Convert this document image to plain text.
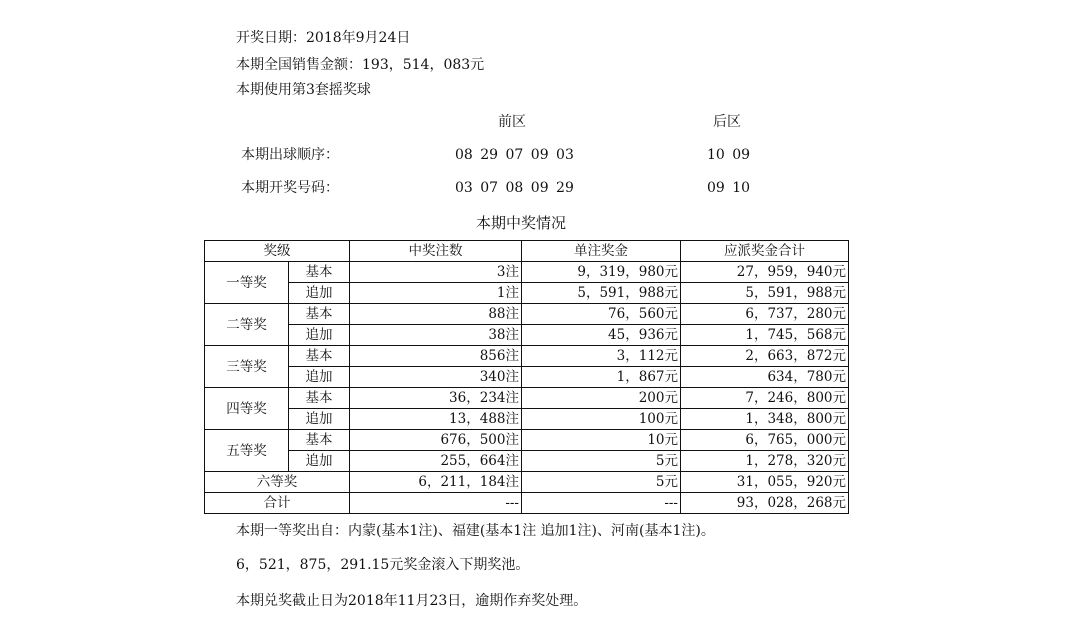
开奖日期：2018年9月24日
本期全国销售金额：193，514，083元
本期使用第3套摇奖球
前区	后区
本期出球顺序：	08 29 07 09 03	10 09
本期开奖号码：	03 07 08 09 29	09 10
本期中奖情况
奖级		中奖注数	单注奖金	应派奖金合计
一等奖	基本	3注	9，319，980元	27，959，940元
	追加	1注	5，591，988元	5，591，988元
二等奖	基本	88注	76，560元	6，737，280元
	追加	38注	45，936元	1，745，568元
三等奖	基本	856注	3，112元	2，663，872元
	追加	340注	1，867元	634，780元
四等奖	基本	36，234注	200元	7，246，800元
	追加	13，488注	100元	1，348，800元
五等奖	基本	676，500注	10元	6，765，000元
	追加	255，664注	5元	1，278，320元
六等奖		6，211，184注	5元	31，055，920元
合计		---	---	93，028，268元
本期一等奖出自：内蒙(基本1注)、福建(基本1注 追加1注)、河南(基本1注)。
6，521，875，291.15元奖金滚入下期奖池。
本期兑奖截止日为2018年11月23日，逾期作弃奖处理。
